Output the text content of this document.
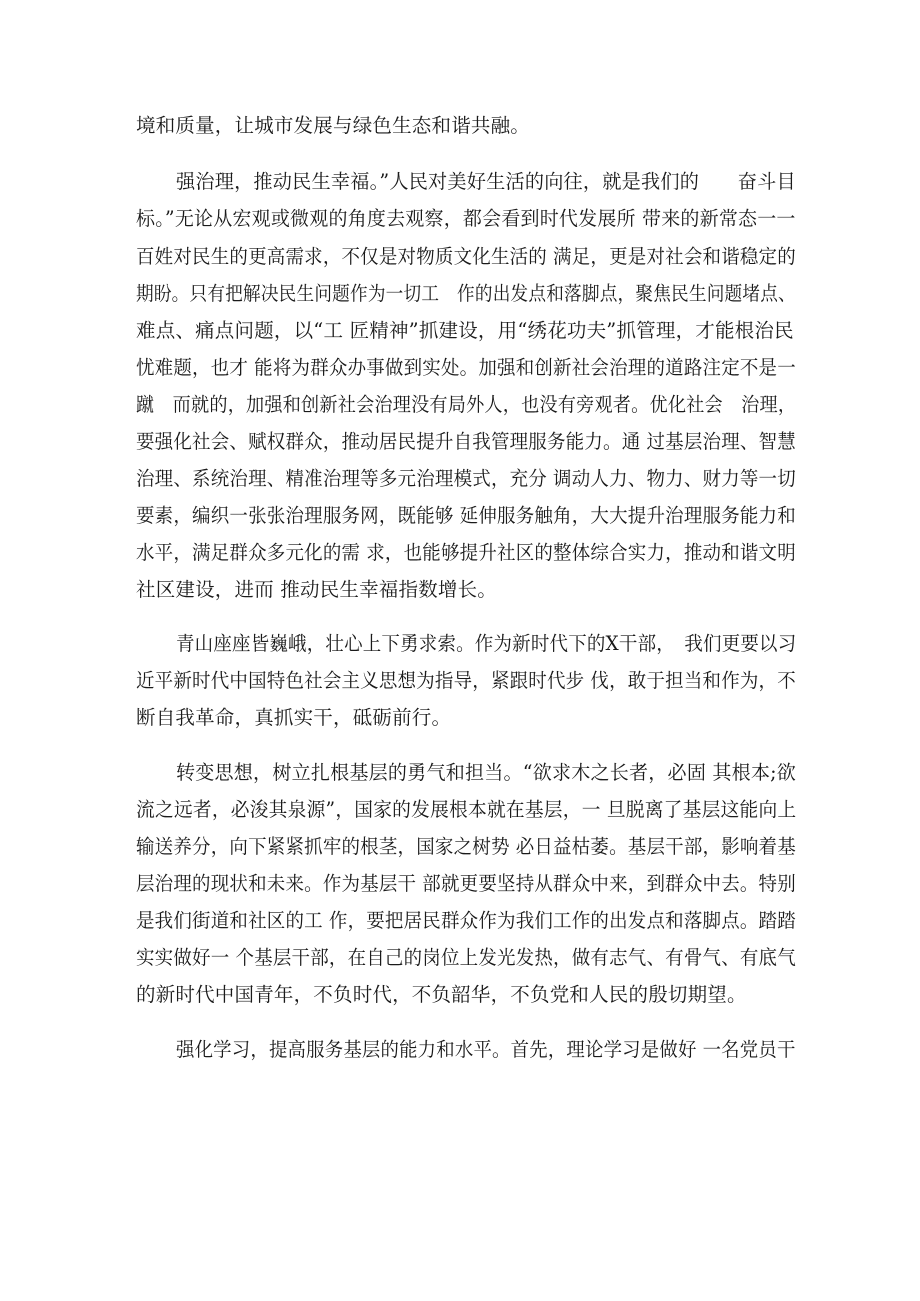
境和质量，让城市发展与绿色生态和谐共融。
强治理，推动民生幸福。”人民对美好生活的向往，就是我们的　　奋斗目
标。”无论从宏观或微观的角度去观察，都会看到时代发展所 带来的新常态一一
百姓对民生的更高需求，不仅是对物质文化生活的 满足，更是对社会和谐稳定的
期盼。只有把解决民生问题作为一切工　作的出发点和落脚点，聚焦民生问题堵点、
难点、痛点问题，以“工 匠精神”抓建设，用“绣花功夫”抓管理，才能根治民
忧难题，也才 能将为群众办事做到实处。加强和创新社会治理的道路注定不是一
蹴　而就的，加强和创新社会治理没有局外人，也没有旁观者。优化社会　治理，
要强化社会、赋权群众，推动居民提升自我管理服务能力。通 过基层治理、智慧
治理、系统治理、精准治理等多元治理模式，充分 调动人力、物力、财力等一切
要素，编织一张张治理服务网，既能够 延伸服务触角，大大提升治理服务能力和
水平，满足群众多元化的需 求，也能够提升社区的整体综合实力，推动和谐文明
社区建设，进而 推动民生幸福指数增长。
青山座座皆巍峨，壮心上下勇求索。作为新时代下的X干部，　我们更要以习
近平新时代中国特色社会主义思想为指导，紧跟时代步 伐，敢于担当和作为，不
断自我革命，真抓实干，砥砺前行。
转变思想，树立扎根基层的勇气和担当。“欲求木之长者，必固 其根本;欲
流之远者，必浚其泉源”，国家的发展根本就在基层，一 旦脱离了基层这能向上
输送养分，向下紧紧抓牢的根茎，国家之树势 必日益枯萎。基层干部，影响着基
层治理的现状和未来。作为基层干 部就更要坚持从群众中来，到群众中去。特别
是我们街道和社区的工 作，要把居民群众作为我们工作的出发点和落脚点。踏踏
实实做好一 个基层干部，在自己的岗位上发光发热，做有志气、有骨气、有底气
的新时代中国青年，不负时代，不负韶华，不负党和人民的殷切期望。
强化学习，提高服务基层的能力和水平。首先，理论学习是做好 一名党员干
